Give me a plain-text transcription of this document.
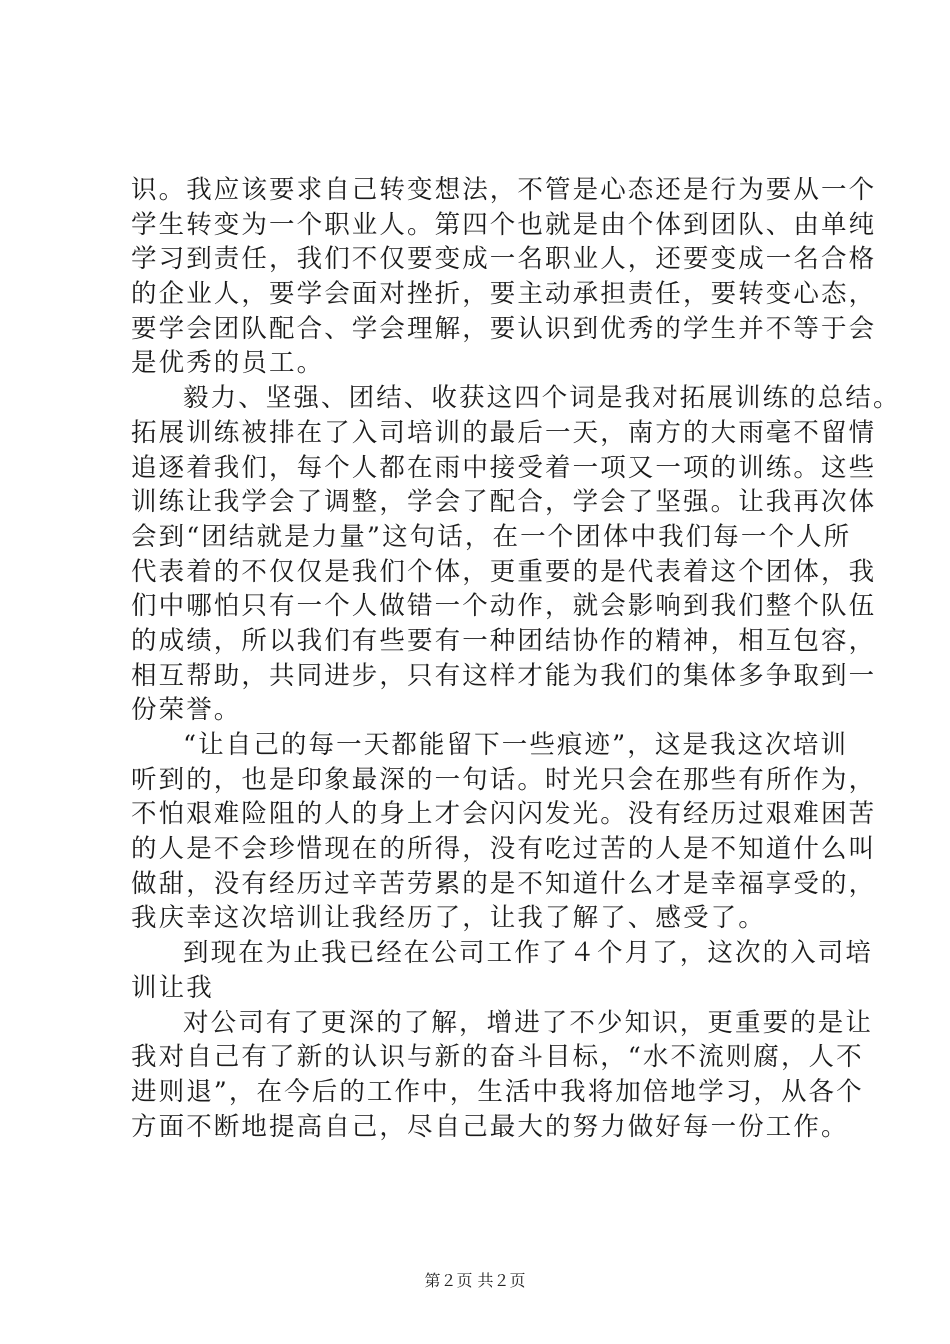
识。我应该要求自己转变想法，不管是心态还是行为要从一个
学生转变为一个职业人。第四个也就是由个体到团队、由单纯
学习到责任，我们不仅要变成一名职业人，还要变成一名合格
的企业人，要学会面对挫折，要主动承担责任，要转变心态，
要学会团队配合、学会理解，要认识到优秀的学生并不等于会
是优秀的员工。
毅力、坚强、团结、收获这四个词是我对拓展训练的总结。
拓展训练被排在了入司培训的最后一天，南方的大雨毫不留情
追逐着我们，每个人都在雨中接受着一项又一项的训练。这些
训练让我学会了调整，学会了配合，学会了坚强。让我再次体
会到“团结就是力量”这句话，在一个团体中我们每一个人所
代表着的不仅仅是我们个体，更重要的是代表着这个团体，我
们中哪怕只有一个人做错一个动作，就会影响到我们整个队伍
的成绩，所以我们有些要有一种团结协作的精神，相互包容，
相互帮助，共同进步，只有这样才能为我们的集体多争取到一
份荣誉。
“让自己的每一天都能留下一些痕迹”，这是我这次培训
听到的，也是印象最深的一句话。时光只会在那些有所作为，
不怕艰难险阻的人的身上才会闪闪发光。没有经历过艰难困苦
的人是不会珍惜现在的所得，没有吃过苦的人是不知道什么叫
做甜，没有经历过辛苦劳累的是不知道什么才是幸福享受的，
我庆幸这次培训让我经历了，让我了解了、感受了。
到现在为止我已经在公司工作了４个月了，这次的入司培
训让我
对公司有了更深的了解，增进了不少知识，更重要的是让
我对自己有了新的认识与新的奋斗目标，“水不流则腐，人不
进则退”，在今后的工作中，生活中我将加倍地学习，从各个
方面不断地提高自己，尽自己最大的努力做好每一份工作。
第２页 共２页
